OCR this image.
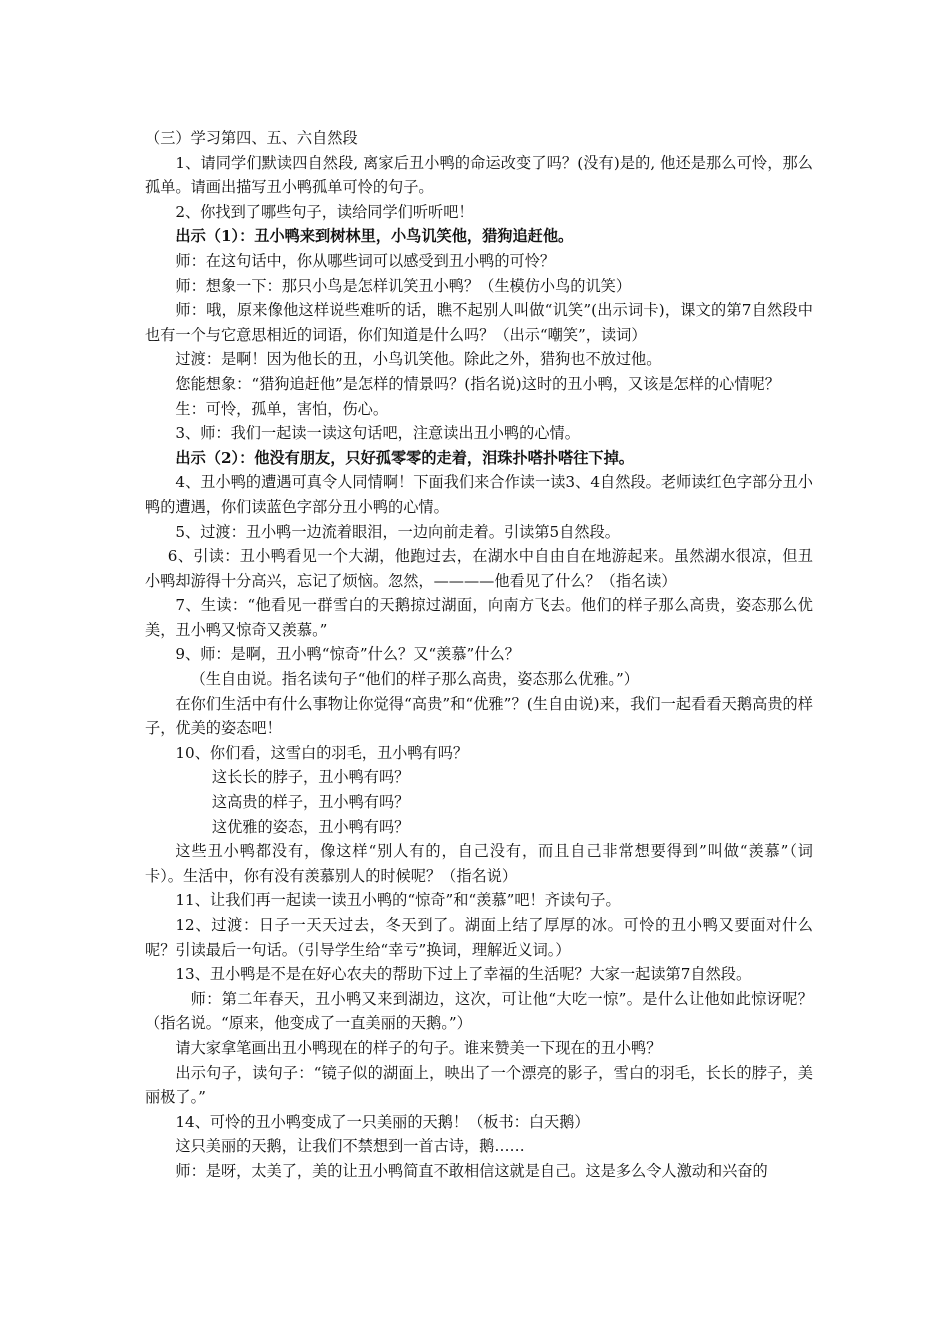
（三）学习第四、五、六自然段

1、请同学们默读四自然段, 离家后丑小鸭的命运改变了吗？(没有)是的, 他还是那么可怜，那么孤单。请画出描写丑小鸭孤单可怜的句子。

2、你找到了哪些句子，读给同学们听听吧！

出示（1）：丑小鸭来到树林里，小鸟讥笑他，猎狗追赶他。

师：在这句话中，你从哪些词可以感受到丑小鸭的可怜？

师：想象一下：那只小鸟是怎样讥笑丑小鸭？（生模仿小鸟的讥笑）

师：哦，原来像他这样说些难听的话，瞧不起别人叫做“讥笑”(出示词卡)，课文的第7自然段中也有一个与它意思相近的词语，你们知道是什么吗？（出示“嘲笑”，读词）

过渡：是啊！因为他长的丑，小鸟讥笑他。除此之外，猎狗也不放过他。

您能想象：“猎狗追赶他”是怎样的情景吗？(指名说)这时的丑小鸭，又该是怎样的心情呢？

生：可怜，孤单，害怕，伤心。

3、师：我们一起读一读这句话吧，注意读出丑小鸭的心情。

出示（2）：他没有朋友，只好孤零零的走着，泪珠扑嗒扑嗒往下掉。

4、丑小鸭的遭遇可真令人同情啊！下面我们来合作读一读3、4自然段。老师读红色字部分丑小鸭的遭遇，你们读蓝色字部分丑小鸭的心情。

5、过渡：丑小鸭一边流着眼泪，一边向前走着。引读第5自然段。

6、引读：丑小鸭看见一个大湖，他跑过去，在湖水中自由自在地游起来。虽然湖水很凉，但丑小鸭却游得十分高兴，忘记了烦恼。忽然，————他看见了什么？（指名读）

7、生读：“他看见一群雪白的天鹅掠过湖面，向南方飞去。他们的样子那么高贵，姿态那么优美，丑小鸭又惊奇又羡慕。”

9、师：是啊，丑小鸭“惊奇”什么？又“羡慕”什么？

（生自由说。指名读句子“他们的样子那么高贵，姿态那么优雅。”）

在你们生活中有什么事物让你觉得“高贵”和“优雅”？(生自由说)来，我们一起看看天鹅高贵的样子，优美的姿态吧！

10、你们看，这雪白的羽毛，丑小鸭有吗？

这长长的脖子，丑小鸭有吗？

这高贵的样子，丑小鸭有吗？

这优雅的姿态，丑小鸭有吗？

这些丑小鸭都没有，像这样“别人有的，自己没有，而且自己非常想要得到”叫做“羡慕”（词卡）。生活中，你有没有羡慕别人的时候呢？（指名说）

11、让我们再一起读一读丑小鸭的“惊奇”和“羡慕”吧！齐读句子。

12、过渡：日子一天天过去，冬天到了。湖面上结了厚厚的冰。可怜的丑小鸭又要面对什么呢？引读最后一句话。（引导学生给“幸亏”换词，理解近义词。）

13、丑小鸭是不是在好心农夫的帮助下过上了幸福的生活呢？大家一起读第7自然段。

师：第二年春天，丑小鸭又来到湖边，这次，可让他“大吃一惊”。是什么让他如此惊讶呢？（指名说。“原来，他变成了一直美丽的天鹅。”）

请大家拿笔画出丑小鸭现在的样子的句子。谁来赞美一下现在的丑小鸭？

出示句子，读句子：“镜子似的湖面上，映出了一个漂亮的影子，雪白的羽毛，长长的脖子，美丽极了。”

14、可怜的丑小鸭变成了一只美丽的天鹅！（板书：白天鹅）

这只美丽的天鹅，让我们不禁想到一首古诗，鹅……

师：是呀，太美了，美的让丑小鸭简直不敢相信这就是自己。这是多么令人激动和兴奋的
